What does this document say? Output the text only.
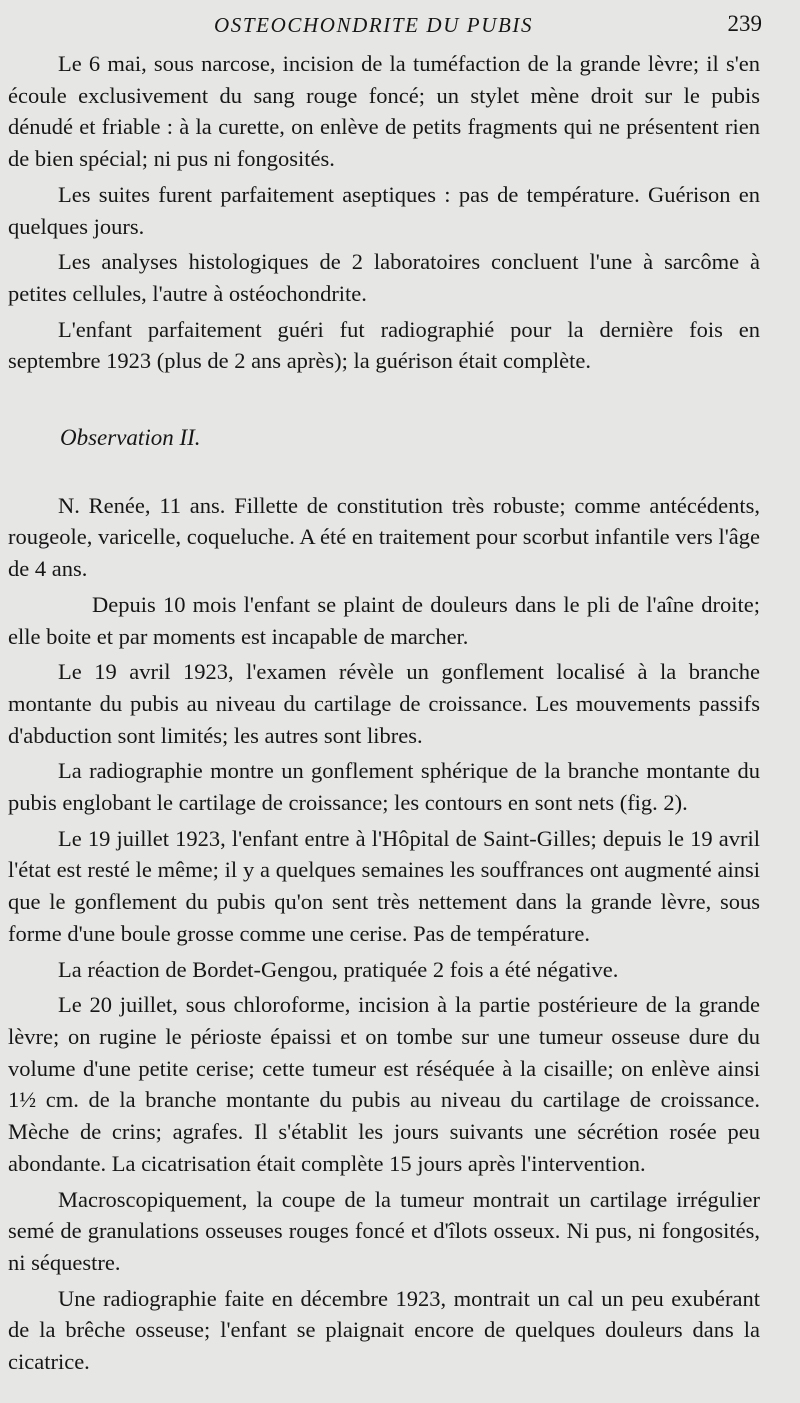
OSTEOCHONDRITE DU PUBIS	239

Le 6 mai, sous narcose, incision de la tuméfaction de la grande lèvre; il s'en écoule exclusivement du sang rouge foncé; un stylet mène droit sur le pubis dénudé et friable : à la curette, on enlève de petits fragments qui ne présentent rien de bien spécial; ni pus ni fongosités.

Les suites furent parfaitement aseptiques : pas de température. Guérison en quelques jours.

Les analyses histologiques de 2 laboratoires concluent l'une à sarcôme à petites cellules, l'autre à ostéochondrite.

L'enfant parfaitement guéri fut radiographié pour la dernière fois en septembre 1923 (plus de 2 ans après); la guérison était complète.

Observation II.

N. Renée, 11 ans. Fillette de constitution très robuste; comme antécédents, rougeole, varicelle, coqueluche. A été en traitement pour scorbut infantile vers l'âge de 4 ans.

Depuis 10 mois l'enfant se plaint de douleurs dans le pli de l'aîne droite; elle boite et par moments est incapable de marcher.

Le 19 avril 1923, l'examen révèle un gonflement localisé à la branche montante du pubis au niveau du cartilage de croissance. Les mouvements passifs d'abduction sont limités; les autres sont libres.

La radiographie montre un gonflement sphérique de la branche montante du pubis englobant le cartilage de croissance; les contours en sont nets (fig. 2).

Le 19 juillet 1923, l'enfant entre à l'Hôpital de Saint-Gilles; depuis le 19 avril l'état est resté le même; il y a quelques semaines les souffrances ont augmenté ainsi que le gonflement du pubis qu'on sent très nettement dans la grande lèvre, sous forme d'une boule grosse comme une cerise. Pas de température.

La réaction de Bordet-Gengou, pratiquée 2 fois a été négative.

Le 20 juillet, sous chloroforme, incision à la partie postérieure de la grande lèvre; on rugine le périoste épaissi et on tombe sur une tumeur osseuse dure du volume d'une petite cerise; cette tumeur est réséquée à la cisaille; on enlève ainsi 1½ cm. de la branche montante du pubis au niveau du cartilage de croissance. Mèche de crins; agrafes. Il s'établit les jours suivants une sécrétion rosée peu abondante. La cicatrisation était complète 15 jours après l'intervention.

Macroscopiquement, la coupe de la tumeur montrait un cartilage irrégulier semé de granulations osseuses rouges foncé et d'îlots osseux. Ni pus, ni fongosités, ni séquestre.

Une radiographie faite en décembre 1923, montrait un cal un peu exubérant de la brêche osseuse; l'enfant se plaignait encore de quelques douleurs dans la cicatrice.
